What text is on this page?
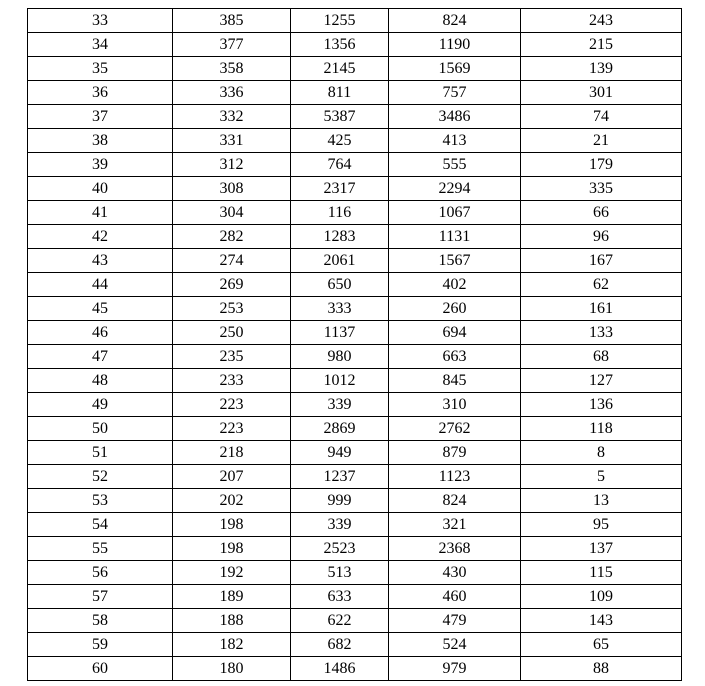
33	385	1255	824	243
34	377	1356	1190	215
35	358	2145	1569	139
36	336	811	757	301
37	332	5387	3486	74
38	331	425	413	21
39	312	764	555	179
40	308	2317	2294	335
41	304	116	1067	66
42	282	1283	1131	96
43	274	2061	1567	167
44	269	650	402	62
45	253	333	260	161
46	250	1137	694	133
47	235	980	663	68
48	233	1012	845	127
49	223	339	310	136
50	223	2869	2762	118
51	218	949	879	8
52	207	1237	1123	5
53	202	999	824	13
54	198	339	321	95
55	198	2523	2368	137
56	192	513	430	115
57	189	633	460	109
58	188	622	479	143
59	182	682	524	65
60	180	1486	979	88
